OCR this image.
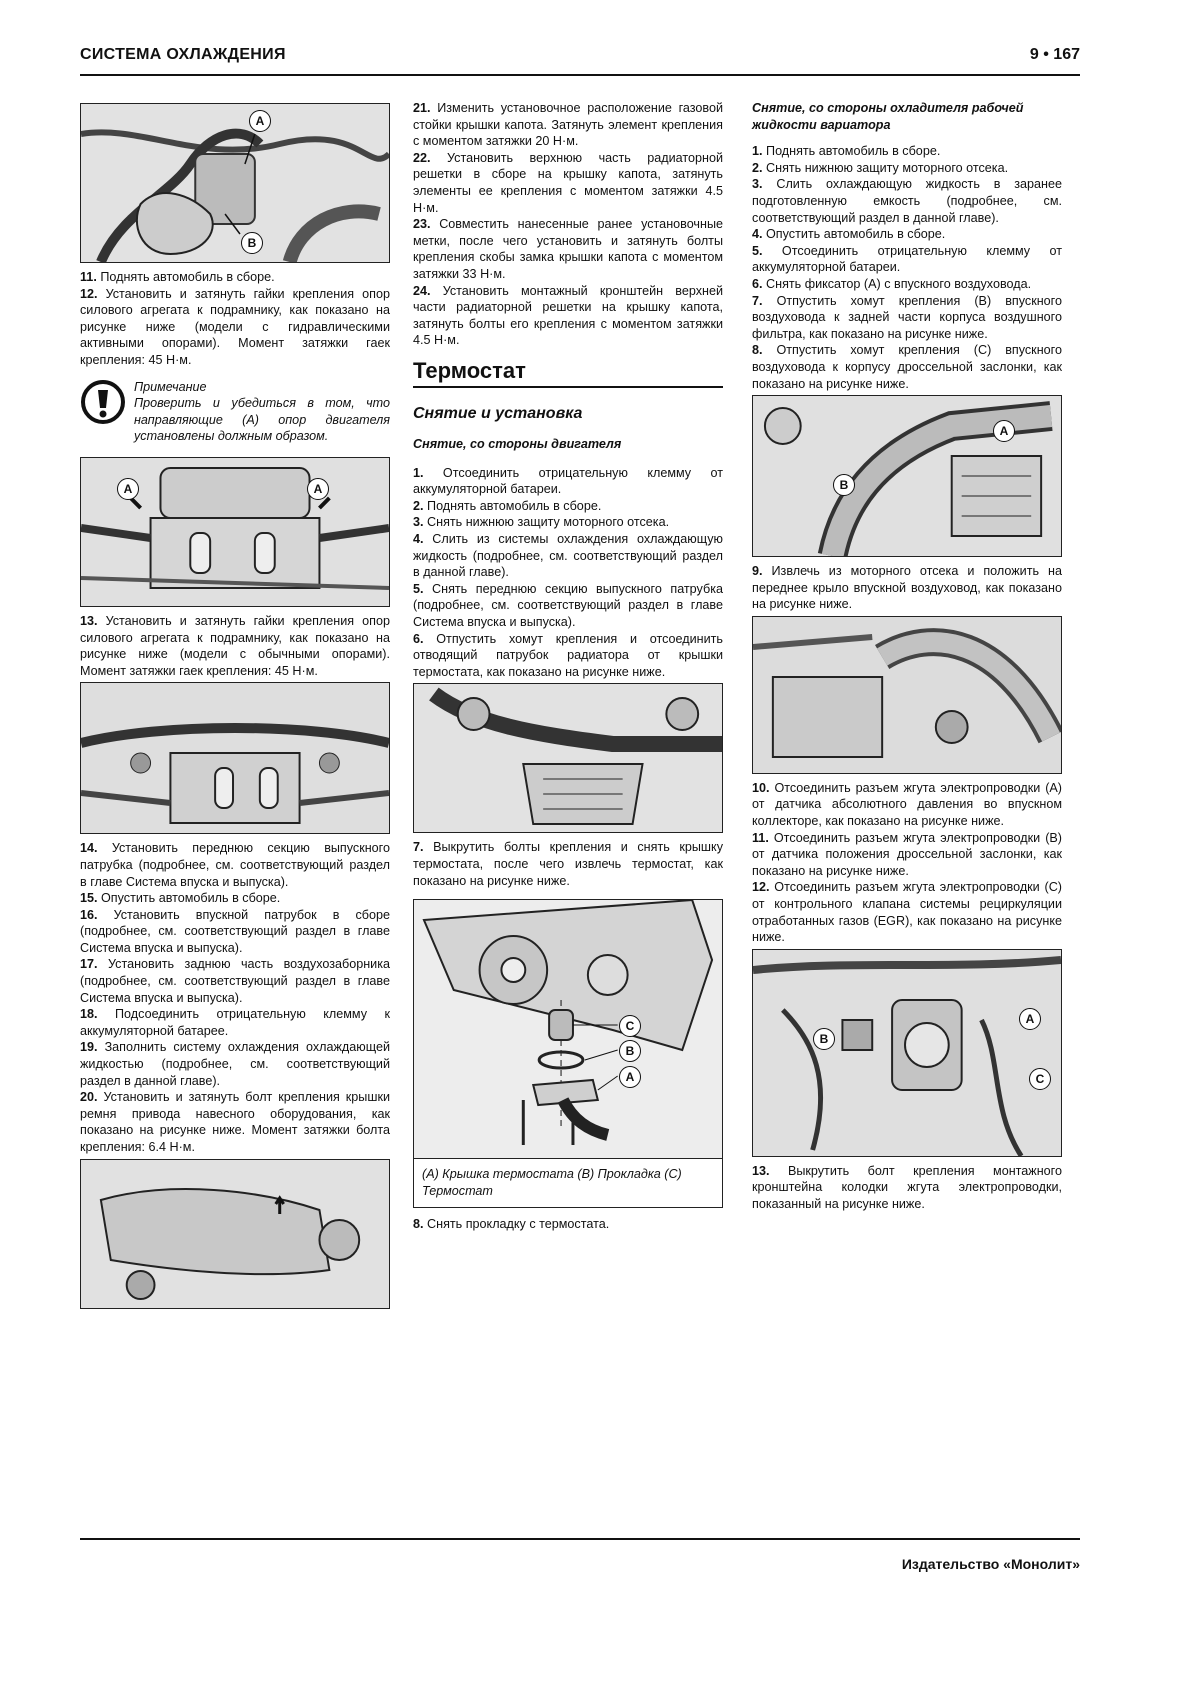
СИСТЕМА ОХЛАЖДЕНИЯ	9 • 167
A
B

11. Поднять автомобиль в сборе.

12. Установить и затянуть гайки крепления опор силового агрегата к подрамнику, как показано на рисунке ниже (модели с гидравлическими активными опорами). Момент затяжки гаек крепления: 45 Н·м.

Примечание
Проверить и убедиться в том, что направляющие (А) опор двигателя установлены должным образом.
A	A

13. Установить и затянуть гайки крепления опор силового агрегата к подрамнику, как показано на рисунке ниже (модели с обычными опорами). Момент затяжки гаек крепления: 45 Н·м.

14. Установить переднюю секцию выпускного патрубка (подробнее, см. соответствующий раздел в главе Система впуска и выпуска).

15. Опустить автомобиль в сборе.

16. Установить впускной патрубок в сборе (подробнее, см. соответствующий раздел в главе Система впуска и выпуска).

17. Установить заднюю часть воздухозаборника (подробнее, см. соответствующий раздел в главе Система впуска и выпуска).

18. Подсоединить отрицательную клемму к аккумуляторной батарее.

19. Заполнить систему охлаждения охлаждающей жидкостью (подробнее, см. соответствующий раздел в данной главе).

20. Установить и затянуть болт крепления крышки ремня привода навесного оборудования, как показано на рисунке ниже. Момент затяжки болта крепления: 6.4 Н·м.

21. Изменить установочное расположение газовой стойки крышки капота. Затянуть элемент крепления с моментом затяжки 20 Н·м.

22. Установить верхнюю часть радиаторной решетки в сборе на крышку капота, затянуть элементы ее крепления с моментом затяжки 4.5 Н·м.

23. Совместить нанесенные ранее установочные метки, после чего установить и затянуть болты крепления скобы замка крышки капота с моментом затяжки 33 Н·м.

24. Установить монтажный кронштейн верхней части радиаторной решетки на крышку капота, затянуть болты его крепления с моментом затяжки 4.5 Н·м.

Термостат
Снятие и установка
Снятие, со стороны двигателя

1. Отсоединить отрицательную клемму от аккумуляторной батареи.

2. Поднять автомобиль в сборе.

3. Снять нижнюю защиту моторного отсека.

4. Слить из системы охлаждения охлаждающую жидкость (подробнее, см. соответствующий раздел в данной главе).

5. Снять переднюю секцию выпускного патрубка (подробнее, см. соответствующий раздел в главе Система впуска и выпуска).

6. Отпустить хомут крепления и отсоединить отводящий патрубок радиатора от крышки термостата, как показано на рисунке ниже.

7. Выкрутить болты крепления и снять крышку термостата, после чего извлечь термостат, как показано на рисунке ниже.

C
B
A
(A) Крышка термостата (B) Прокладка (C) Термостат

8. Снять прокладку с термостата.

Снятие, со стороны охладителя рабочей жидкости вариатора

1. Поднять автомобиль в сборе.

2. Снять нижнюю защиту моторного отсека.

3. Слить охлаждающую жидкость в заранее подготовленную емкость (подробнее, см. соответствующий раздел в данной главе).

4. Опустить автомобиль в сборе.

5. Отсоединить отрицательную клемму от аккумуляторной батареи.

6. Снять фиксатор (А) с впускного воздуховода.

7. Отпустить хомут крепления (В) впускного воздуховода к задней части корпуса воздушного фильтра, как показано на рисунке ниже.

8. Отпустить хомут крепления (С) впускного воздуховода к корпусу дроссельной заслонки, как показано на рисунке ниже.

A
B

9. Извлечь из моторного отсека и положить на переднее крыло впускной воздуховод, как показано на рисунке ниже.

10. Отсоединить разъем жгута электропроводки (А) от датчика абсолютного давления во впускном коллекторе, как показано на рисунке ниже.

11. Отсоединить разъем жгута электропроводки (В) от датчика положения дроссельной заслонки, как показано на рисунке ниже.

12. Отсоединить разъем жгута электропроводки (С) от контрольного клапана системы рециркуляции отработанных газов (EGR), как показано на рисунке ниже.

A
B
C

13. Выкрутить болт крепления монтажного кронштейна колодки жгута электропроводки, показанный на рисунке ниже.

Издательство «Монолит»
